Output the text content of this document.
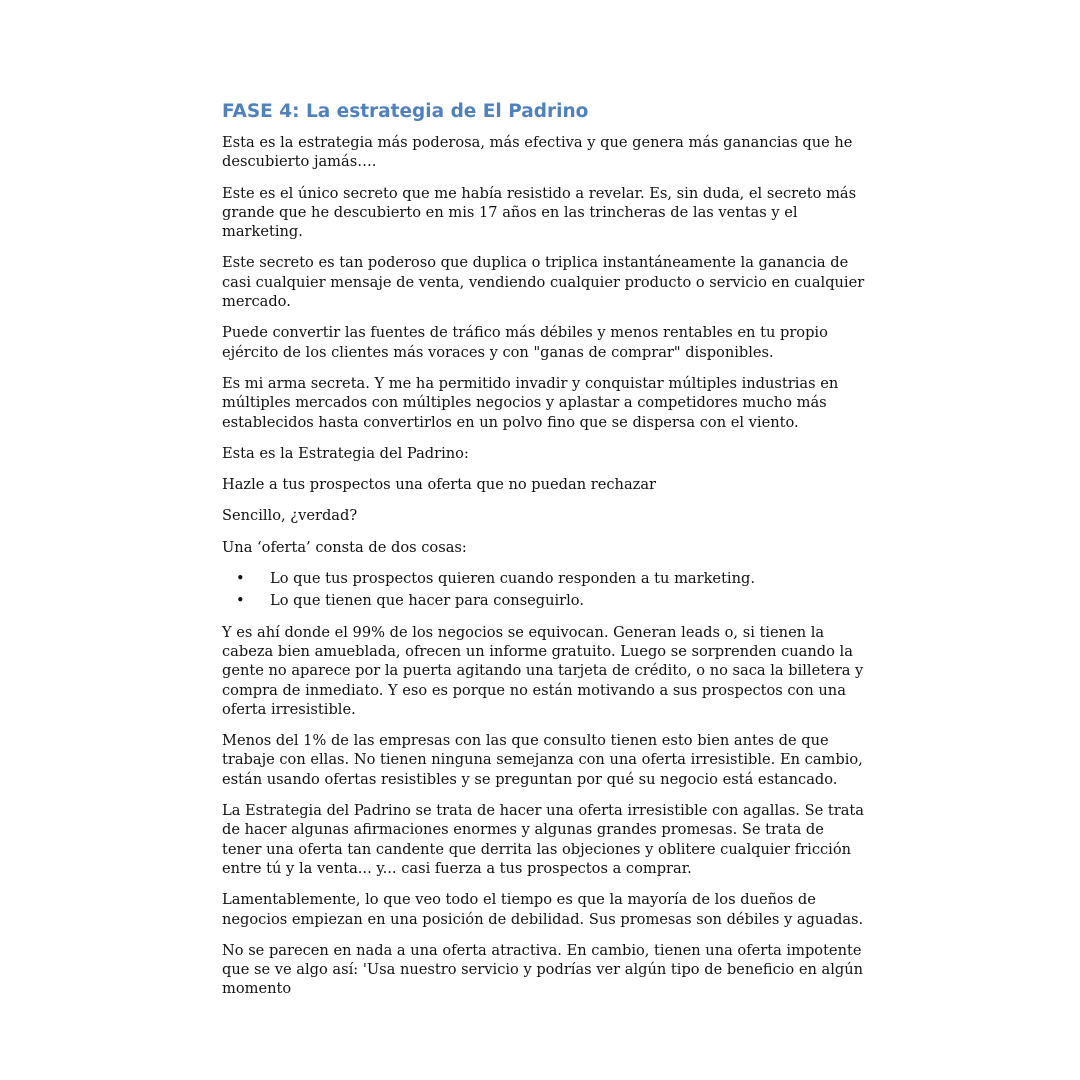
FASE 4: La estrategia de El Padrino

Esta es la estrategia más poderosa, más efectiva y que genera más ganancias que he descubierto jamás….

Este es el único secreto que me había resistido a revelar. Es, sin duda, el secreto más grande que he descubierto en mis 17 años en las trincheras de las ventas y el marketing.

Este secreto es tan poderoso que duplica o triplica instantáneamente la ganancia de casi cualquier mensaje de venta, vendiendo cualquier producto o servicio en cualquier mercado.

Puede convertir las fuentes de tráfico más débiles y menos rentables en tu propio ejército de los clientes más voraces y con "ganas de comprar" disponibles.

Es mi arma secreta. Y me ha permitido invadir y conquistar múltiples industrias en múltiples mercados con múltiples negocios y aplastar a competidores mucho más establecidos hasta convertirlos en un polvo fino que se dispersa con el viento.

Esta es la Estrategia del Padrino:

Hazle a tus prospectos una oferta que no puedan rechazar

Sencillo, ¿verdad?

Una ‘oferta’ consta de dos cosas:

• Lo que tus prospectos quieren cuando responden a tu marketing.
• Lo que tienen que hacer para conseguirlo.

Y es ahí donde el 99% de los negocios se equivocan. Generan leads o, si tienen la cabeza bien amueblada, ofrecen un informe gratuito. Luego se sorprenden cuando la gente no aparece por la puerta agitando una tarjeta de crédito, o no saca la billetera y compra de inmediato. Y eso es porque no están motivando a sus prospectos con una oferta irresistible.

Menos del 1% de las empresas con las que consulto tienen esto bien antes de que trabaje con ellas. No tienen ninguna semejanza con una oferta irresistible. En cambio, están usando ofertas resistibles y se preguntan por qué su negocio está estancado.

La Estrategia del Padrino se trata de hacer una oferta irresistible con agallas. Se trata de hacer algunas afirmaciones enormes y algunas grandes promesas. Se trata de tener una oferta tan candente que derrita las objeciones y oblitere cualquier fricción entre tú y la venta... y... casi fuerza a tus prospectos a comprar.

Lamentablemente, lo que veo todo el tiempo es que la mayoría de los dueños de negocios empiezan en una posición de debilidad. Sus promesas son débiles y aguadas.

No se parecen en nada a una oferta atractiva. En cambio, tienen una oferta impotente que se ve algo así: 'Usa nuestro servicio y podrías ver algún tipo de beneficio en algún momento
